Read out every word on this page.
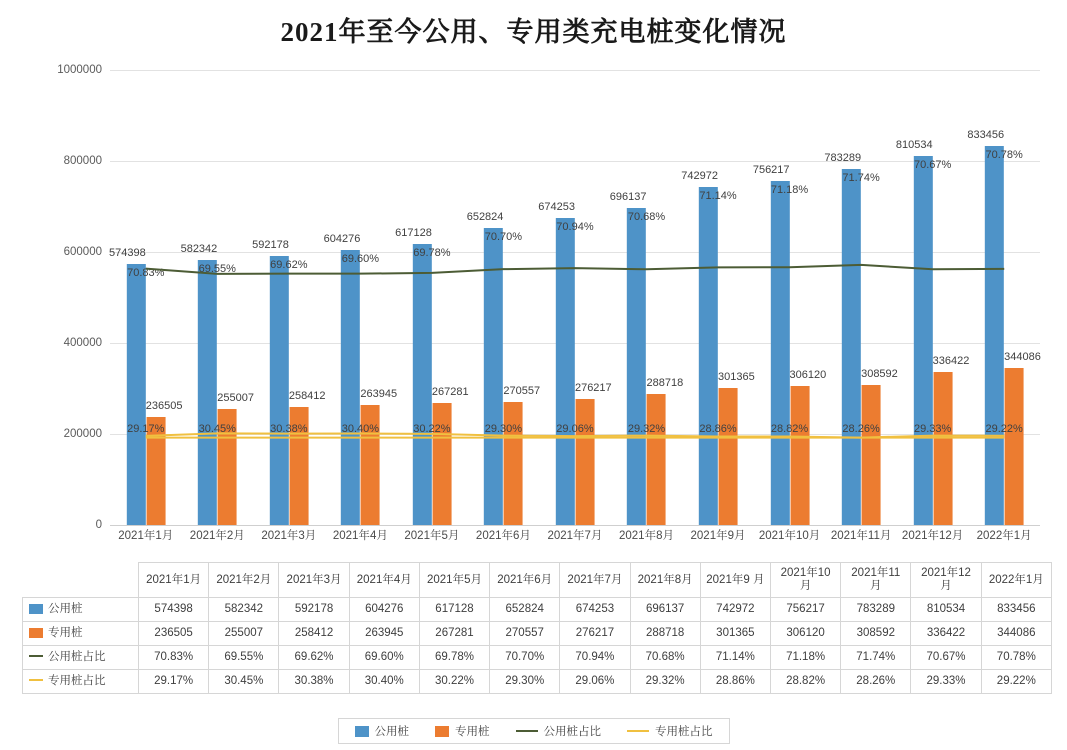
2021年至今公用、专用类充电桩变化情况
0
200000
400000
600000
800000
1000000
574398
236505
70.83%
29.17%
582342
255007
69.55%
30.45%
592178
258412
69.62%
30.38%
604276
263945
69.60%
30.40%
617128
267281
69.78%
30.22%
652824
270557
70.70%
29.30%
674253
276217
70.94%
29.06%
696137
288718
70.68%
29.32%
742972
301365
71.14%
28.86%
756217
306120
71.18%
28.82%
783289
308592
71.74%
28.26%
810534
336422
70.67%
29.33%
833456
344086
70.78%
29.22%
2021年1月	2021年2月	2021年3月	2021年4月	2021年5月	2021年6月	2021年7月	2021年8月	2021年9月	2021年10月 2021年11月 2021年12月	2022年1月
	2021年1月	2021年2月	2021年3月	2021年4月	2021年5月	2021年6月	2021年7月	2021年8月	2021年9 月	2021年10 月	2021年11 月	2021年12 月	2022年1月
公用桩	574398	582342	592178	604276	617128	652824	674253	696137	742972	756217	783289	810534	833456
专用桩	236505	255007	258412	263945	267281	270557	276217	288718	301365	306120	308592	336422	344086
公用桩占比	70.83%	69.55%	69.62%	69.60%	69.78%	70.70%	70.94%	70.68%	71.14%	71.18%	71.74%	70.67%	70.78%
专用桩占比	29.17%	30.45%	30.38%	30.40%	30.22%	29.30%	29.06%	29.32%	28.86%	28.82%	28.26%	29.33%	29.22%
公用桩	专用桩	公用桩占比	专用桩占比
